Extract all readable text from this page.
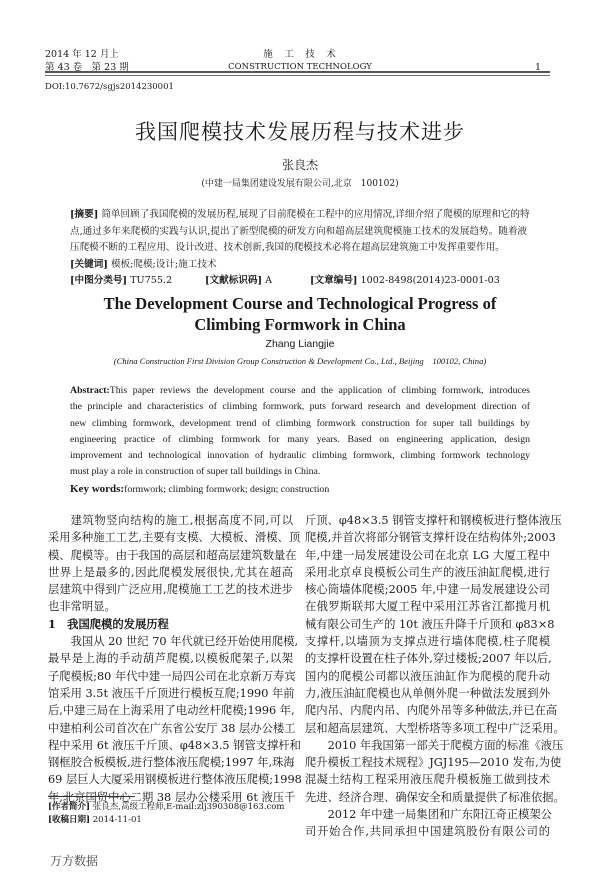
2014 年 12 月上
第 43 卷　第 23 期
施　工　技　术
CONSTRUCTION TECHNOLOGY	1
DOI:10.7672/sgjs2014230001
我国爬模技术发展历程与技术进步
张良杰
(中建一局集团建设发展有限公司,北京　100102)
[摘要] 简单回顾了我国爬模的发展历程,展现了目前爬模在工程中的应用情况,详细介绍了爬模的原理和它的特
点,通过多年来爬模的实践与认识,提出了新型爬模的研发方向和超高层建筑爬模施工技术的发展趋势。随着液
压爬模不断的工程应用、设计改进、技术创新,我国的爬模技术必将在超高层建筑施工中发挥重要作用。
[关键词] 模板;爬模;设计;施工技术
[中图分类号] TU755.2	[文献标识码] A	[文章编号] 1002-8498(2014)23-0001-03
The Development Course and Technological Progress of
Climbing Formwork in China
Zhang Liangjie
(China Construction First Division Group Construction & Development Co., Ltd., Beijing　100102, China)
Abstract:This paper reviews the development course and the application of climbing formwork, introduces
the principle and characteristics of climbing formwork, puts forward research and development direction of
new climbing formwork, development trend of climbing formwork construction for super tall buildings by
engineering practice of climbing formwork for many years. Based on engineering application, design
improvement and technological innovation of hydraulic climbing formwork, climbing formwork technology
must play a role in construction of super tall buildings in China.
Key words:formwork; climbing formwork; design; construction
建筑物竖向结构的施工,根据高度不同,可以
采用多种施工工艺,主要有支模、大模板、滑模、顶
模、爬模等。由于我国的高层和超高层建筑数量在
世界上是最多的,因此爬模发展很快,尤其在超高
层建筑中得到广泛应用,爬模施工工艺的技术进步
也非常明显。
1　我国爬模的发展历程
我国从 20 世纪 70 年代就已经开始使用爬模,
最早是上海的手动葫芦爬模,以模板爬架子,以架
子爬模板;80 年代中建一局四公司在北京新万寿宾
馆采用 3.5t 液压千斤顶进行模板互爬;1990 年前
后,中建三局在上海采用了电动丝杆爬模;1996 年,
中建柏利公司首次在广东省公安厅 38 层办公楼工
程中采用 6t 液压千斤顶、φ48×3.5 钢管支撑杆和
钢框胶合板模板,进行整体液压爬模;1997 年,珠海
69 层巨人大厦采用钢模板进行整体液压爬模;1998
年,北京国贸中心二期 38 层办公楼采用 6t 液压千
[作者简介] 张良杰,高级工程师,E-mail:zlj390308@163.com
[收稿日期] 2014-11-01
斤顶、φ48×3.5 钢管支撑杆和钢模板进行整体液压
爬模,并首次将部分钢管支撑杆设在结构体外;2003
年,中建一局发展建设公司在北京 LG 大厦工程中
采用北京卓良模板公司生产的液压油缸爬模,进行
核心筒墙体爬模;2005 年,中建一局发展建设公司
在俄罗斯联邦大厦工程中采用江苏省江都揽月机
械有限公司生产的 10t 液压升降千斤顶和 φ83×8
支撑杆,以墙顶为支撑点进行墙体爬模,柱子爬模
的支撑杆设置在柱子体外,穿过楼板;2007 年以后,
国内的爬模公司都以液压油缸作为爬模的爬升动
力,液压油缸爬模也从单侧外爬一种做法发展到外
爬内吊、内爬内吊、内爬外吊等多种做法,并已在高
层和超高层建筑、大型桥塔等多项工程中广泛采用。
2010 年我国第一部关于爬模方面的标准《液压
爬升模板工程技术规程》JGJ195—2010 发布,为使
混凝土结构工程采用液压爬升模板施工做到技术
先进、经济合理、确保安全和质量提供了标准依据。
2012 年中建一局集团和广东阳江奇正模架公
司开始合作,共同承担中国建筑股份有限公司的
万方数据
